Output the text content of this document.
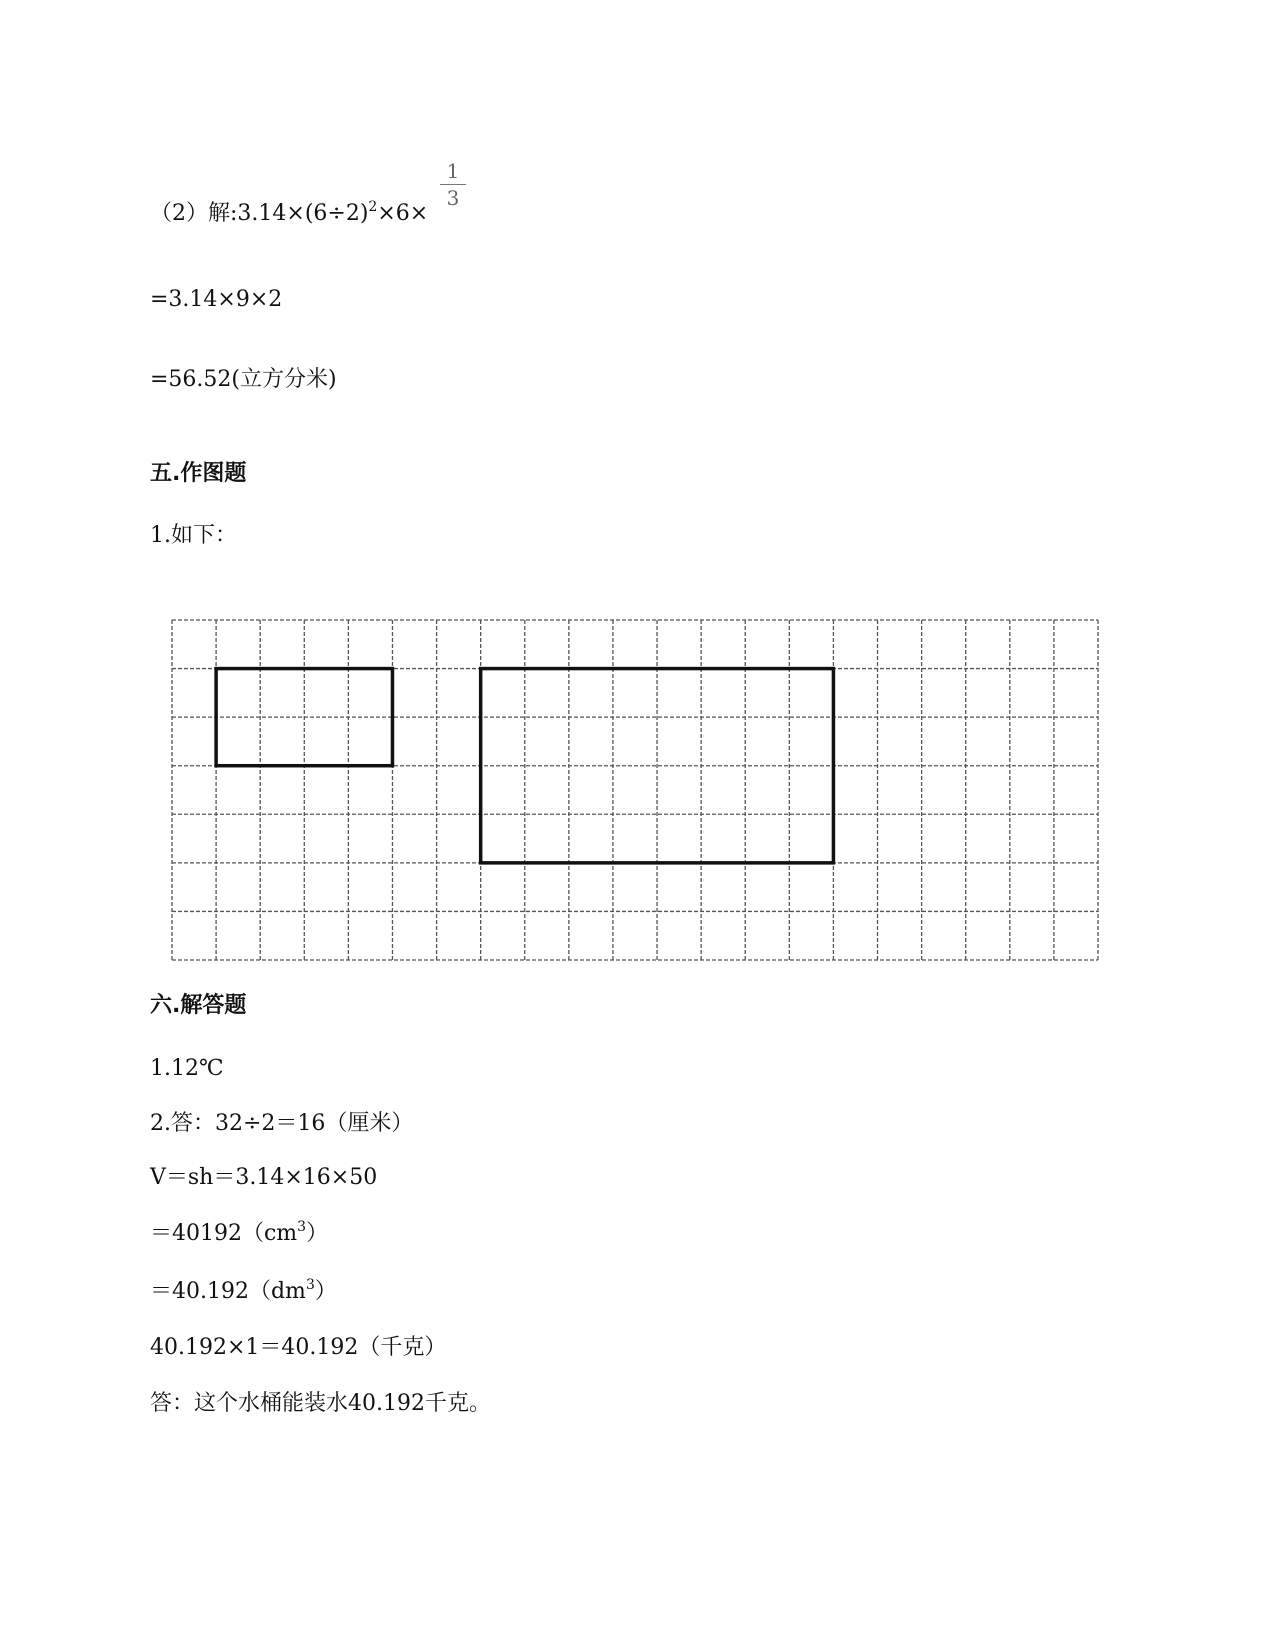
（2）解$:3.14\times(6\div 2)^2\times 6\times$
1
3
=3.14×9×2
=56.52(立方分米)
五.作图题
1.如下：
六.解答题
1.12℃
2.答：32÷2＝16（厘米）
V＝sh＝3.14×16×50
$=40192(cm^3)$
$=40.192(dm^3)$
40.192×1＝40.192（千克）
答：这个水桶能装水40.192千克。
